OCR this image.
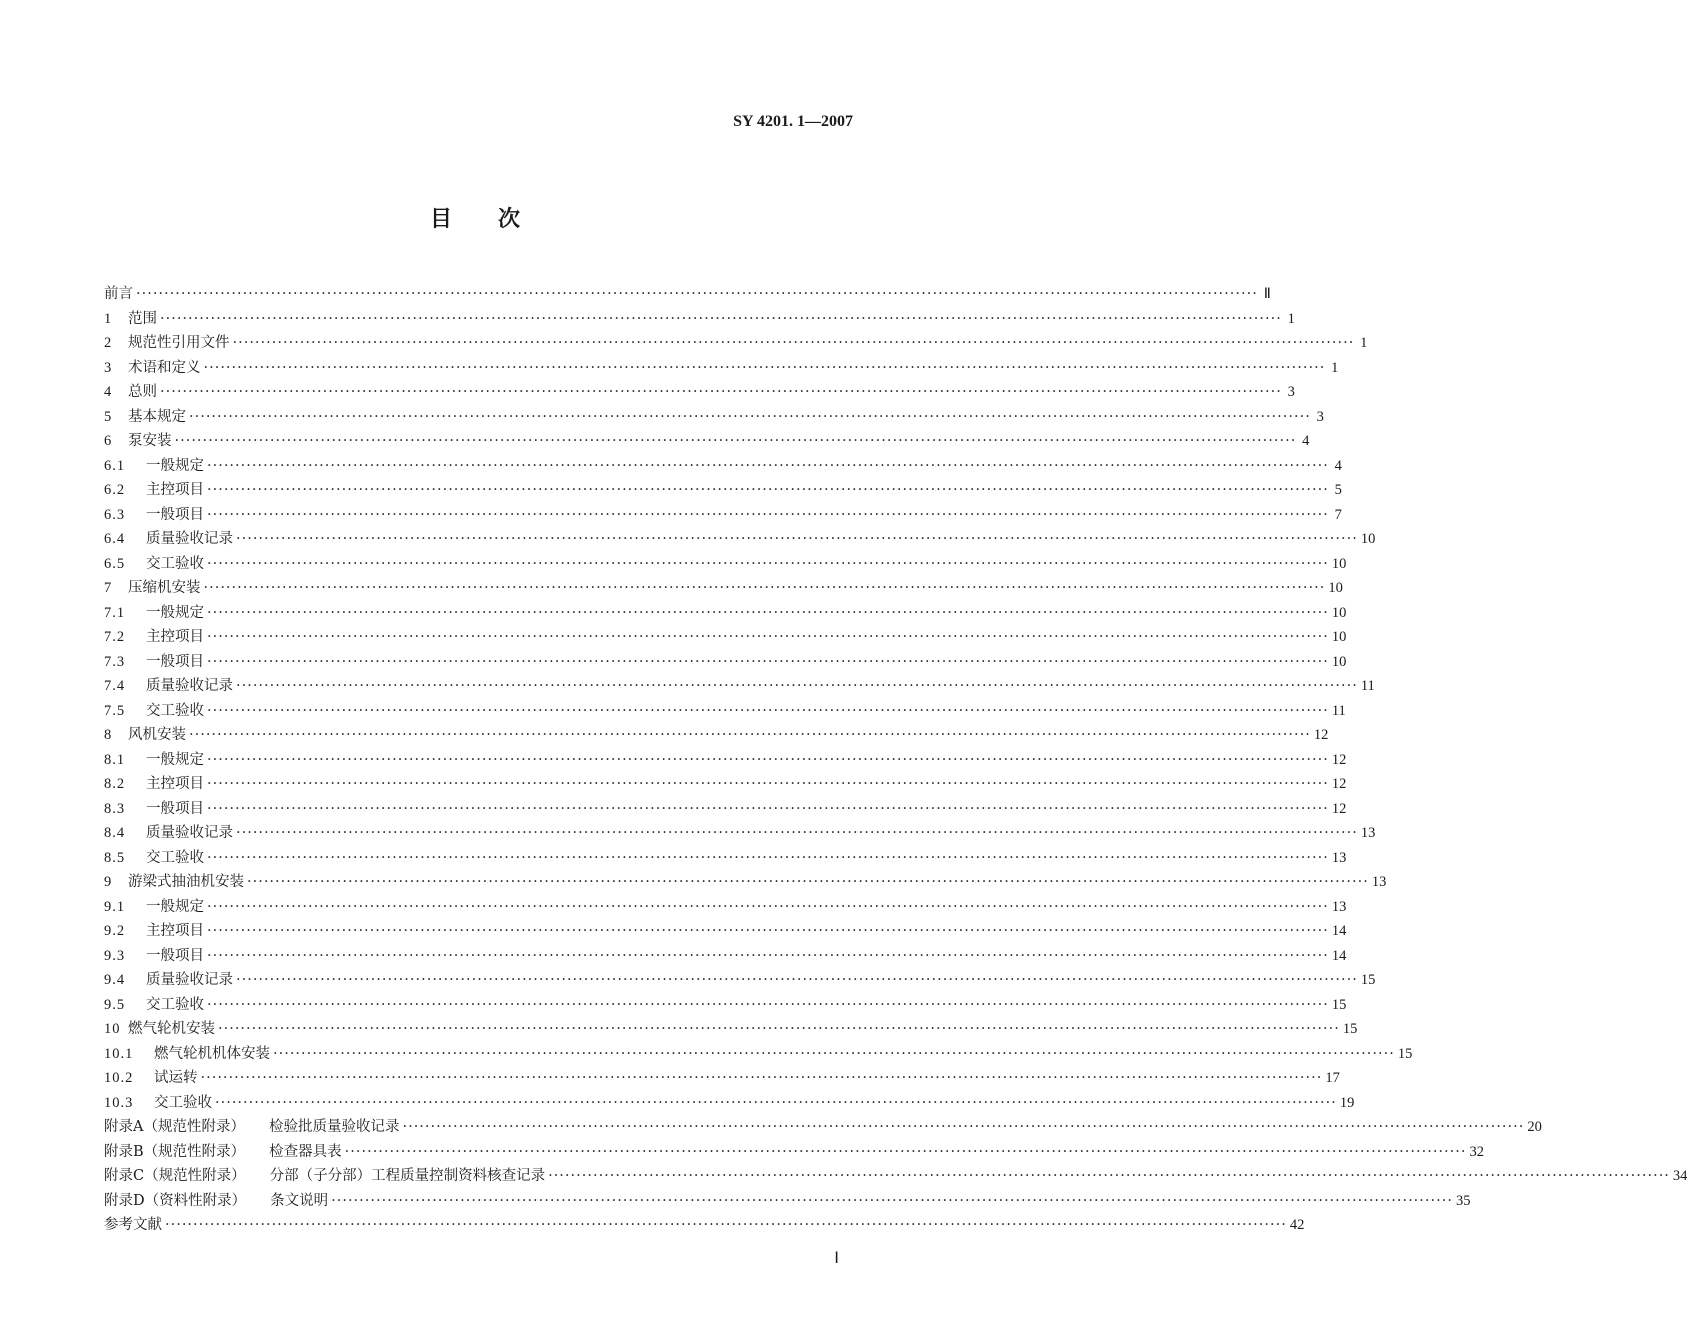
SY 4201. 1—2007
目次
前言 ········································································································································································································ Ⅱ
1 范围 ········································································································································································································ 1
2 规范性引用文件 ········································································································································································································ 1
3 术语和定义 ········································································································································································································ 1
4 总则 ········································································································································································································ 3
5 基本规定 ········································································································································································································ 3
6 泵安装 ········································································································································································································ 4
6.1	一般规定 ········································································································································································································ 4
6.2	主控项目 ········································································································································································································ 5
6.3	一般项目 ········································································································································································································ 7
6.4	质量验收记录 ········································································································································································································ 10
6.5	交工验收 ········································································································································································································ 10
7 压缩机安装 ········································································································································································································ 10
7.1	一般规定 ········································································································································································································ 10
7.2	主控项目 ········································································································································································································ 10
7.3	一般项目 ········································································································································································································ 10
7.4	质量验收记录 ········································································································································································································ 11
7.5	交工验收 ········································································································································································································ 11
8 风机安装 ········································································································································································································ 12
8.1	一般规定 ········································································································································································································ 12
8.2	主控项目 ········································································································································································································ 12
8.3	一般项目 ········································································································································································································ 12
8.4	质量验收记录 ········································································································································································································ 13
8.5	交工验收 ········································································································································································································ 13
9 游梁式抽油机安装 ········································································································································································································ 13
9.1	一般规定 ········································································································································································································ 13
9.2	主控项目 ········································································································································································································ 14
9.3	一般项目 ········································································································································································································ 14
9.4	质量验收记录 ········································································································································································································ 15
9.5	交工验收 ········································································································································································································ 15
10 燃气轮机安装 ········································································································································································································ 15
10.1	燃气轮机机体安装 ········································································································································································································ 15
10.2	试运转 ········································································································································································································ 17
10.3	交工验收 ········································································································································································································ 19
附录A（规范性附录） 检验批质量验收记录 ········································································································································································································ 20
附录B（规范性附录） 检查器具表 ········································································································································································································ 32
附录C（规范性附录） 分部（子分部）工程质量控制资料核查记录 ········································································································································································································ 34
附录D（资料性附录） 条文说明 ········································································································································································································ 35
参考文献 ········································································································································································································ 42
Ⅰ
